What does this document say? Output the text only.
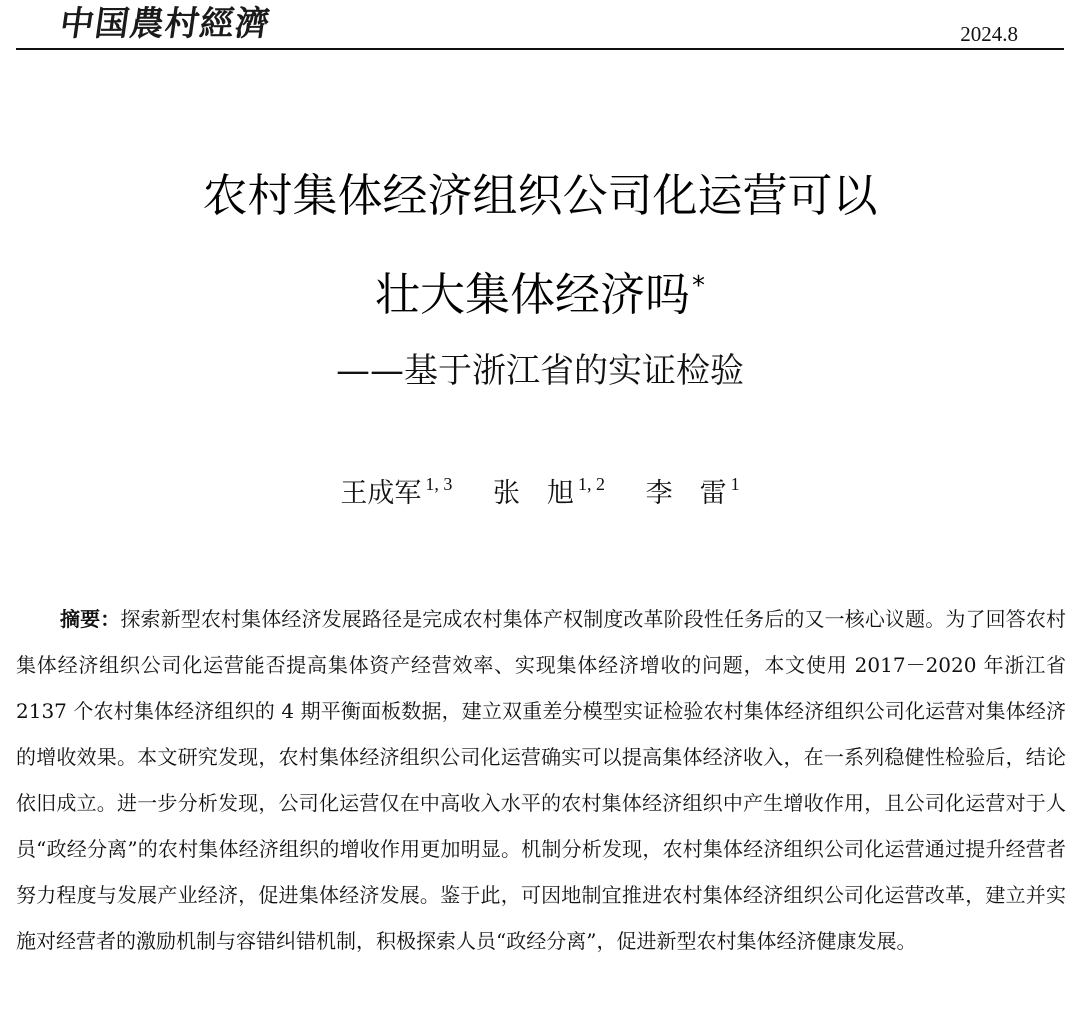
中国農村經濟	2024.8
农村集体经济组织公司化运营可以
壮大集体经济吗*
——基于浙江省的实证检验
王成军 $^{1, 3}$ 张　旭 $^{1, 2}$ 李　雷 $^1$
摘要：探索新型农村集体经济发展路径是完成农村集体产权制度改革阶段性任务后的又一核心议题。为了回答农村集体经济组织公司化运营能否提高集体资产经营效率、实现集体经济增收的问题，本文使用 2017－2020 年浙江省 2137 个农村集体经济组织的 4 期平衡面板数据，建立双重差分模型实证检验农村集体经济组织公司化运营对集体经济的增收效果。本文研究发现，农村集体经济组织公司化运营确实可以提高集体经济收入，在一系列稳健性检验后，结论依旧成立。进一步分析发现，公司化运营仅在中高收入水平的农村集体经济组织中产生增收作用，且公司化运营对于人员“政经分离”的农村集体经济组织的增收作用更加明显。机制分析发现，农村集体经济组织公司化运营通过提升经营者努力程度与发展产业经济，促进集体经济发展。鉴于此，可因地制宜推进农村集体经济组织公司化运营改革，建立并实施对经营者的激励机制与容错纠错机制，积极探索人员“政经分离”，促进新型农村集体经济健康发展。
